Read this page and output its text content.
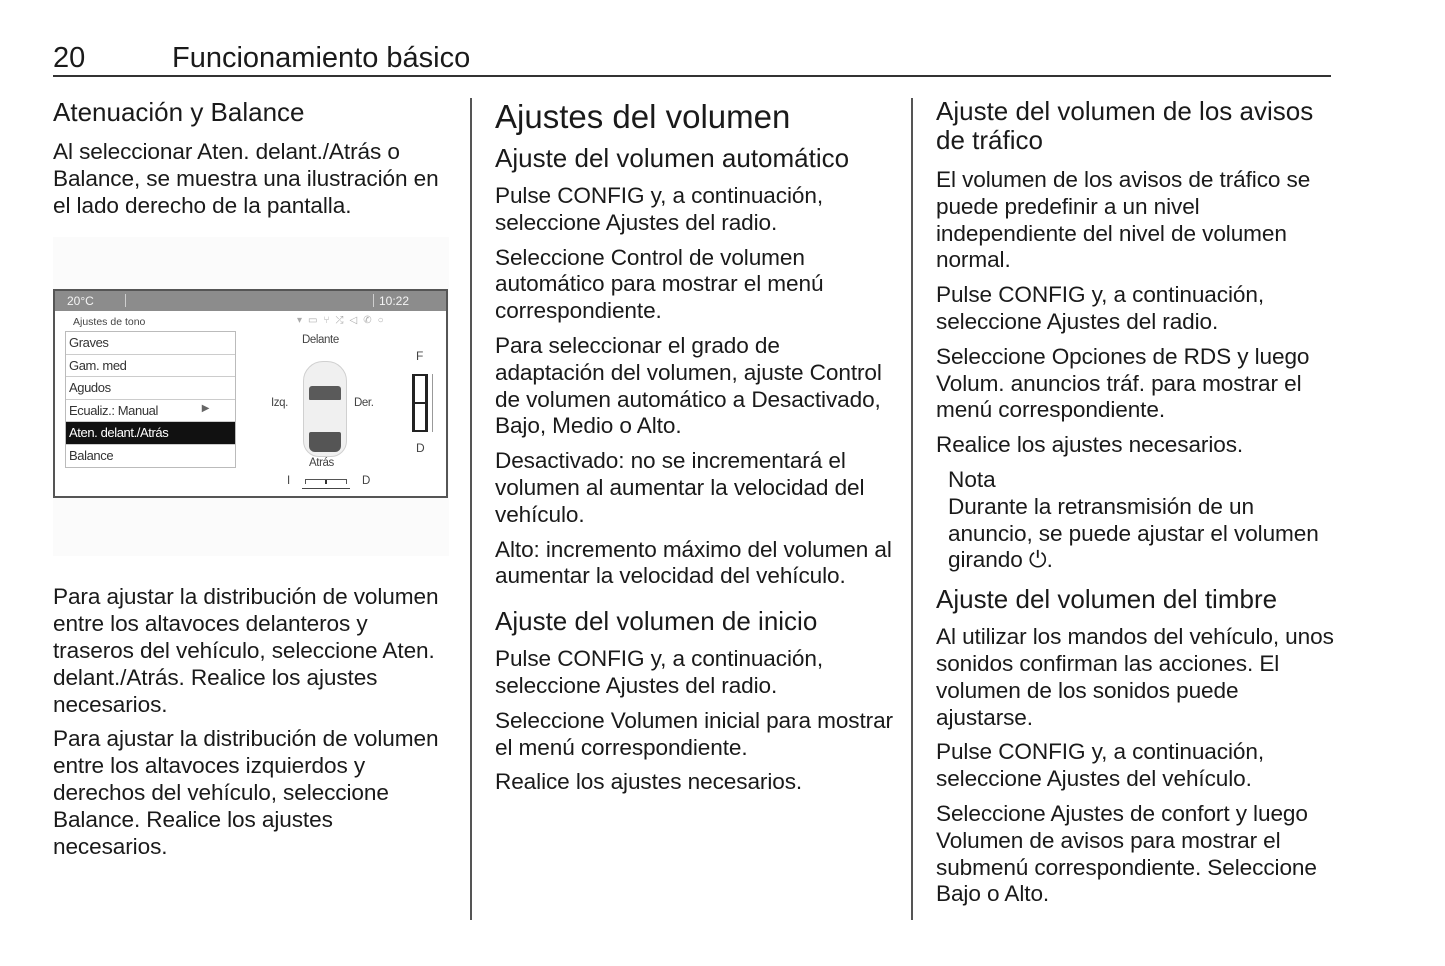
20	Funcionamiento básico
Atenuación y Balance
Al seleccionar Aten. delant./Atrás o Balance, se muestra una ilustración en el lado derecho de la pantalla.
20°C	10:22
Ajustes de tono	▾▭⑂⤮◁✆○
Graves
Gam. med
Agudos
Ecualiz.: Manual	▶
Aten. delant./Atrás
Balance
Delante
Izq.	Der.
Atrás
F
D
I	D
Para ajustar la distribución de volumen entre los altavoces delanteros y traseros del vehículo, seleccione Aten. delant./Atrás. Realice los ajustes necesarios.
Para ajustar la distribución de volumen entre los altavoces izquierdos y derechos del vehículo, seleccione Balance. Realice los ajustes necesarios.
Ajustes del volumen
Ajuste del volumen automático
Pulse CONFIG y, a continuación, seleccione Ajustes del radio.
Seleccione Control de volumen automático para mostrar el menú correspondiente.
Para seleccionar el grado de adaptación del volumen, ajuste Control de volumen automático a Desactivado, Bajo, Medio o Alto.
Desactivado: no se incrementará el volumen al aumentar la velocidad del vehículo.
Alto: incremento máximo del volumen al aumentar la velocidad del vehículo.
Ajuste del volumen de inicio
Pulse CONFIG y, a continuación, seleccione Ajustes del radio.
Seleccione Volumen inicial para mostrar el menú correspondiente.
Realice los ajustes necesarios.
Ajuste del volumen de los avisos de tráfico
El volumen de los avisos de tráfico se puede predefinir a un nivel independiente del nivel de volumen normal.
Pulse CONFIG y, a continuación, seleccione Ajustes del radio.
Seleccione Opciones de RDS y luego Volum. anuncios tráf. para mostrar el menú correspondiente.
Realice los ajustes necesarios.
Nota
Durante la retransmisión de un anuncio, se puede ajustar el volumen girando ⏻.
Ajuste del volumen del timbre
Al utilizar los mandos del vehículo, unos sonidos confirman las acciones. El volumen de los sonidos puede ajustarse.
Pulse CONFIG y, a continuación, seleccione Ajustes del vehículo.
Seleccione Ajustes de confort y luego Volumen de avisos para mostrar el submenú correspondiente. Seleccione Bajo o Alto.
